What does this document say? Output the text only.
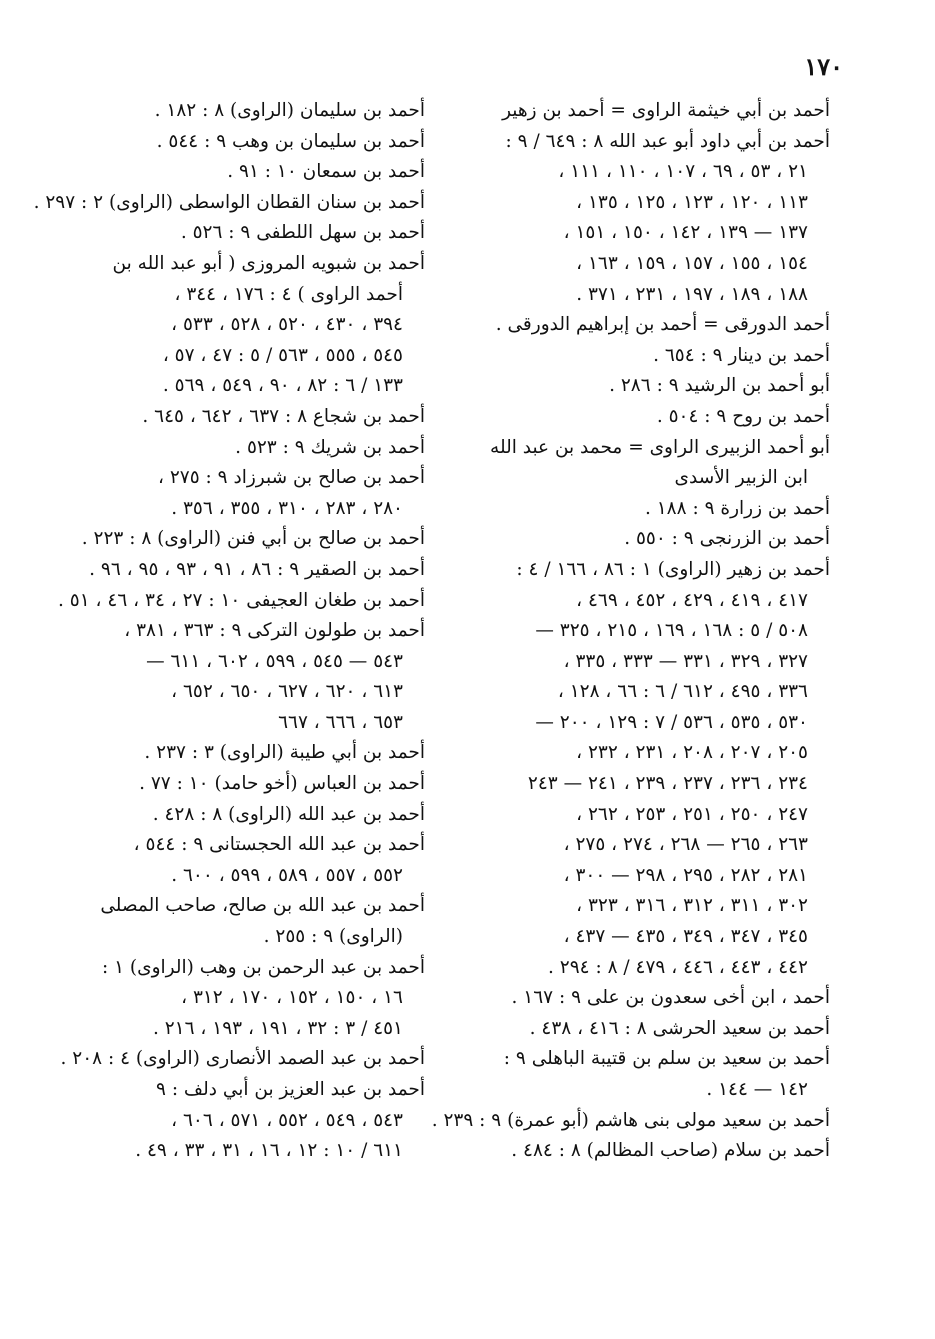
١٧٠
أحمد بن أبي خيثمة الراوى = أحمد بن زهير
أحمد بن أبي داود أبو عبد الله ٨ : ٦٤٩ / ٩ :
٢١ ، ٥٣ ، ٦٩ ، ١٠٧ ، ١١٠ ، ١١١ ،
١١٣ ، ١٢٠ ، ١٢٣ ، ١٢٥ ، ١٣٥ ،
١٣٧ — ١٣٩ ، ١٤٢ ، ١٥٠ ، ١٥١ ،
١٥٤ ، ١٥٥ ، ١٥٧ ، ١٥٩ ، ١٦٣ ،
١٨٨ ، ١٨٩ ، ١٩٧ ، ٢٣١ ، ٣٧١ .
أحمد الدورقى = أحمد بن إبراهيم الدورقى .
أحمد بن دينار ٩ : ٦٥٤ .
أبو أحمد بن الرشيد ٩ : ٢٨٦ .
أحمد بن روح ٩ : ٥٠٤ .
أبو أحمد الزبيرى الراوى = محمد بن عبد الله
ابن الزبير الأسدى
أحمد بن زرارة ٩ : ١٨٨ .
أحمد بن الزرنجى ٩ : ٥٥٠ .
أحمد بن زهير (الراوى) ١ : ٨٦ ، ١٦٦ / ٤ :
٤١٧ ، ٤١٩ ، ٤٢٩ ، ٤٥٢ ، ٤٦٩ ،
٥٠٨ / ٥ : ١٦٨ ، ١٦٩ ، ٢١٥ ، ٣٢٥ —
٣٢٧ ، ٣٢٩ ، ٣٣١ — ٣٣٣ ، ٣٣٥ ،
٣٣٦ ، ٤٩٥ ، ٦١٢ / ٦ : ٦٦ ، ١٢٨ ،
٥٣٠ ، ٥٣٥ ، ٥٣٦ / ٧ : ١٢٩ ، ٢٠٠ —
٢٠٥ ، ٢٠٧ ، ٢٠٨ ، ٢٣١ ، ٢٣٢ ،
٢٣٤ ، ٢٣٦ ، ٢٣٧ ، ٢٣٩ ، ٢٤١ — ٢٤٣
٢٤٧ ، ٢٥٠ ، ٢٥١ ، ٢٥٣ ، ٢٦٢ ،
٢٦٣ ، ٢٦٥ — ٢٦٨ ، ٢٧٤ ، ٢٧٥ ،
٢٨١ ، ٢٨٢ ، ٢٩٥ ، ٢٩٨ — ٣٠٠ ،
٣٠٢ ، ٣١١ ، ٣١٢ ، ٣١٦ ، ٣٢٣ ،
٣٤٥ ، ٣٤٧ ، ٣٤٩ ، ٤٣٥ — ٤٣٧ ،
٤٤٢ ، ٤٤٣ ، ٤٤٦ ، ٤٧٩ / ٨ : ٢٩٤ .
أحمد ، ابن أخى سعدون بن على ٩ : ١٦٧ .
أحمد بن سعيد الحرشى ٨ : ٤١٦ ، ٤٣٨ .
أحمد بن سعيد بن سلم بن قتيبة الباهلى ٩ :
١٤٢ — ١٤٤ .
أحمد بن سعيد مولى بنى هاشم (أبو عمرة) ٩ : ٢٣٩ .
أحمد بن سلام (صاحب المظالم) ٨ : ٤٨٤ .
أحمد بن سليمان (الراوى) ٨ : ١٨٢ .
أحمد بن سليمان بن وهب ٩ : ٥٤٤ .
أحمد بن سمعان ١٠ : ٩١ .
أحمد بن سنان القطان الواسطى (الراوى) ٢ : ٢٩٧ .
أحمد بن سهل اللطفى ٩ : ٥٢٦ .
أحمد بن شبويه المروزى ( أبو عبد الله بن
أحمد الراوى ) ٤ : ١٧٦ ، ٣٤٤ ،
٣٩٤ ، ٤٣٠ ، ٥٢٠ ، ٥٢٨ ، ٥٣٣ ،
٥٤٥ ، ٥٥٥ ، ٥٦٣ / ٥ : ٤٧ ، ٥٧ ،
١٣٣ / ٦ : ٨٢ ، ٩٠ ، ٥٤٩ ، ٥٦٩ .
أحمد بن شجاع ٨ : ٦٣٧ ، ٦٤٢ ، ٦٤٥ .
أحمد بن شريك ٩ : ٥٢٣ .
أحمد بن صالح بن شبرزاد ٩ : ٢٧٥ ،
٢٨٠ ، ٢٨٣ ، ٣١٠ ، ٣٥٥ ، ٣٥٦ .
أحمد بن صالح بن أبي فنن (الراوى) ٨ : ٢٢٣ .
أحمد بن الصقير ٩ : ٨٦ ، ٩١ ، ٩٣ ، ٩٥ ، ٩٦ .
أحمد بن طغان العجيفى ١٠ : ٢٧ ، ٣٤ ، ٤٦ ، ٥١ .
أحمد بن طولون التركى ٩ : ٣٦٣ ، ٣٨١ ،
٥٤٣ — ٥٤٥ ، ٥٩٩ ، ٦٠٢ ، ٦١١ —
٦١٣ ، ٦٢٠ ، ٦٢٧ ، ٦٥٠ ، ٦٥٢ ،
٦٥٣ ، ٦٦٦ ، ٦٦٧
أحمد بن أبي طيبة (الراوى) ٣ : ٢٣٧ .
أحمد بن العباس (أخو حامد) ١٠ : ٧٧ .
أحمد بن عبد الله (الراوى) ٨ : ٤٢٨ .
أحمد بن عبد الله الحجستانى ٩ : ٥٤٤ ،
٥٥٢ ، ٥٥٧ ، ٥٨٩ ، ٥٩٩ ، ٦٠٠ .
أحمد بن عبد الله بن صالح، صاحب المصلى
(الراوى) ٩ : ٢٥٥ .
أحمد بن عبد الرحمن بن وهب (الراوى) ١ :
١٦ ، ١٥٠ ، ١٥٢ ، ١٧٠ ، ٣١٢ ،
٤٥١ / ٣ : ٣٢ ، ١٩١ ، ١٩٣ ، ٢١٦ .
أحمد بن عبد الصمد الأنصارى (الراوى) ٤ : ٢٠٨ .
أحمد بن عبد العزيز بن أبي دلف : ٩
٥٤٣ ، ٥٤٩ ، ٥٥٢ ، ٥٧١ ، ٦٠٦ ،
٦١١ / ١٠ : ١٢ ، ١٦ ، ٣١ ، ٣٣ ، ٤٩ .
